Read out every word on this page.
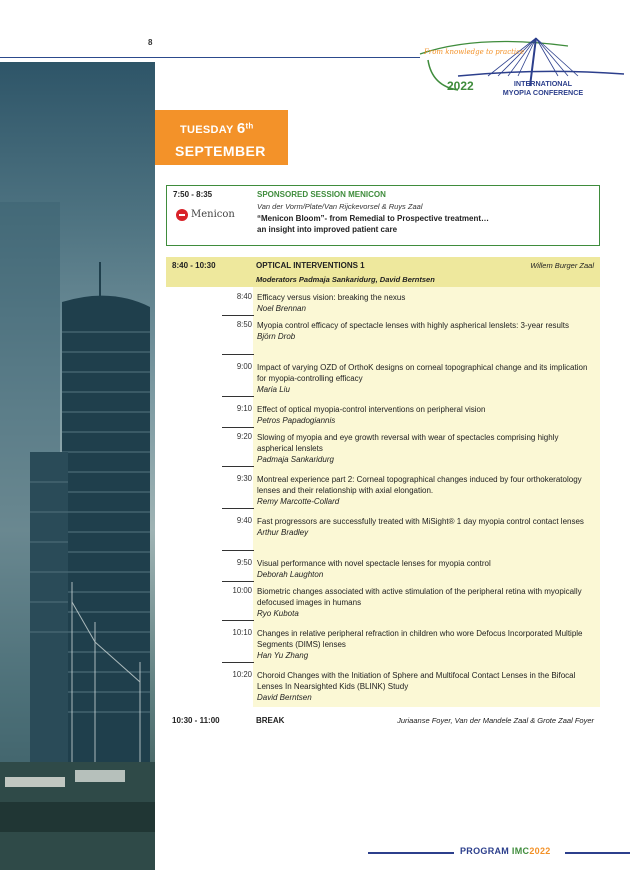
8
From knowledge to practice
2022	INTERNATIONAL
MYOPIA CONFERENCE
TUESDAY 6th
SEPTEMBER
7:50 - 8:35
Menicon
SPONSORED SESSION MENICON
Van der Vorm/Plate/Van Rijckevorsel & Ruys Zaal
“Menicon Bloom”- from Remedial to Prospective treatment…
an insight into improved patient care
8:40 - 10:30	OPTICAL INTERVENTIONS 1	Willem Burger Zaal
Moderators Padmaja Sankaridurg, David Berntsen
8:40 Efficacy versus vision: breaking the nexus
Noel Brennan
8:50 Myopia control efficacy of spectacle lenses with highly aspherical lenslets: 3-year results
Björn Drob
9:00 Impact of varying OZD of OrthoK designs on corneal topographical change and its implication for myopia-controlling efficacy
Maria Liu
9:10 Effect of optical myopia-control interventions on peripheral vision
Petros Papadogiannis
9:20 Slowing of myopia and eye growth reversal with wear of spectacles comprising highly aspherical lenslets
Padmaja Sankaridurg
9:30 Montreal experience part 2: Corneal topographical changes induced by four orthokeratology lenses and their relationship with axial elongation.
Remy Marcotte-Collard
9:40 Fast progressors are successfully treated with MiSight® 1 day myopia control contact lenses
Arthur Bradley
9:50 Visual performance with novel spectacle lenses for myopia control
Deborah Laughton
10:00 Biometric changes associated with active stimulation of the peripheral retina with myopically defocused images in humans
Ryo Kubota
10:10 Changes in relative peripheral refraction in children who wore Defocus Incorporated Multiple Segments (DIMS) lenses
Han Yu Zhang
10:20 Choroid Changes with the Initiation of Sphere and Multifocal Contact Lenses in the Bifocal Lenses In Nearsighted Kids (BLINK) Study
David Berntsen
10:30 - 11:00	BREAK	Juriaanse Foyer, Van der Mandele Zaal & Grote Zaal Foyer
PROGRAM IMC2022
